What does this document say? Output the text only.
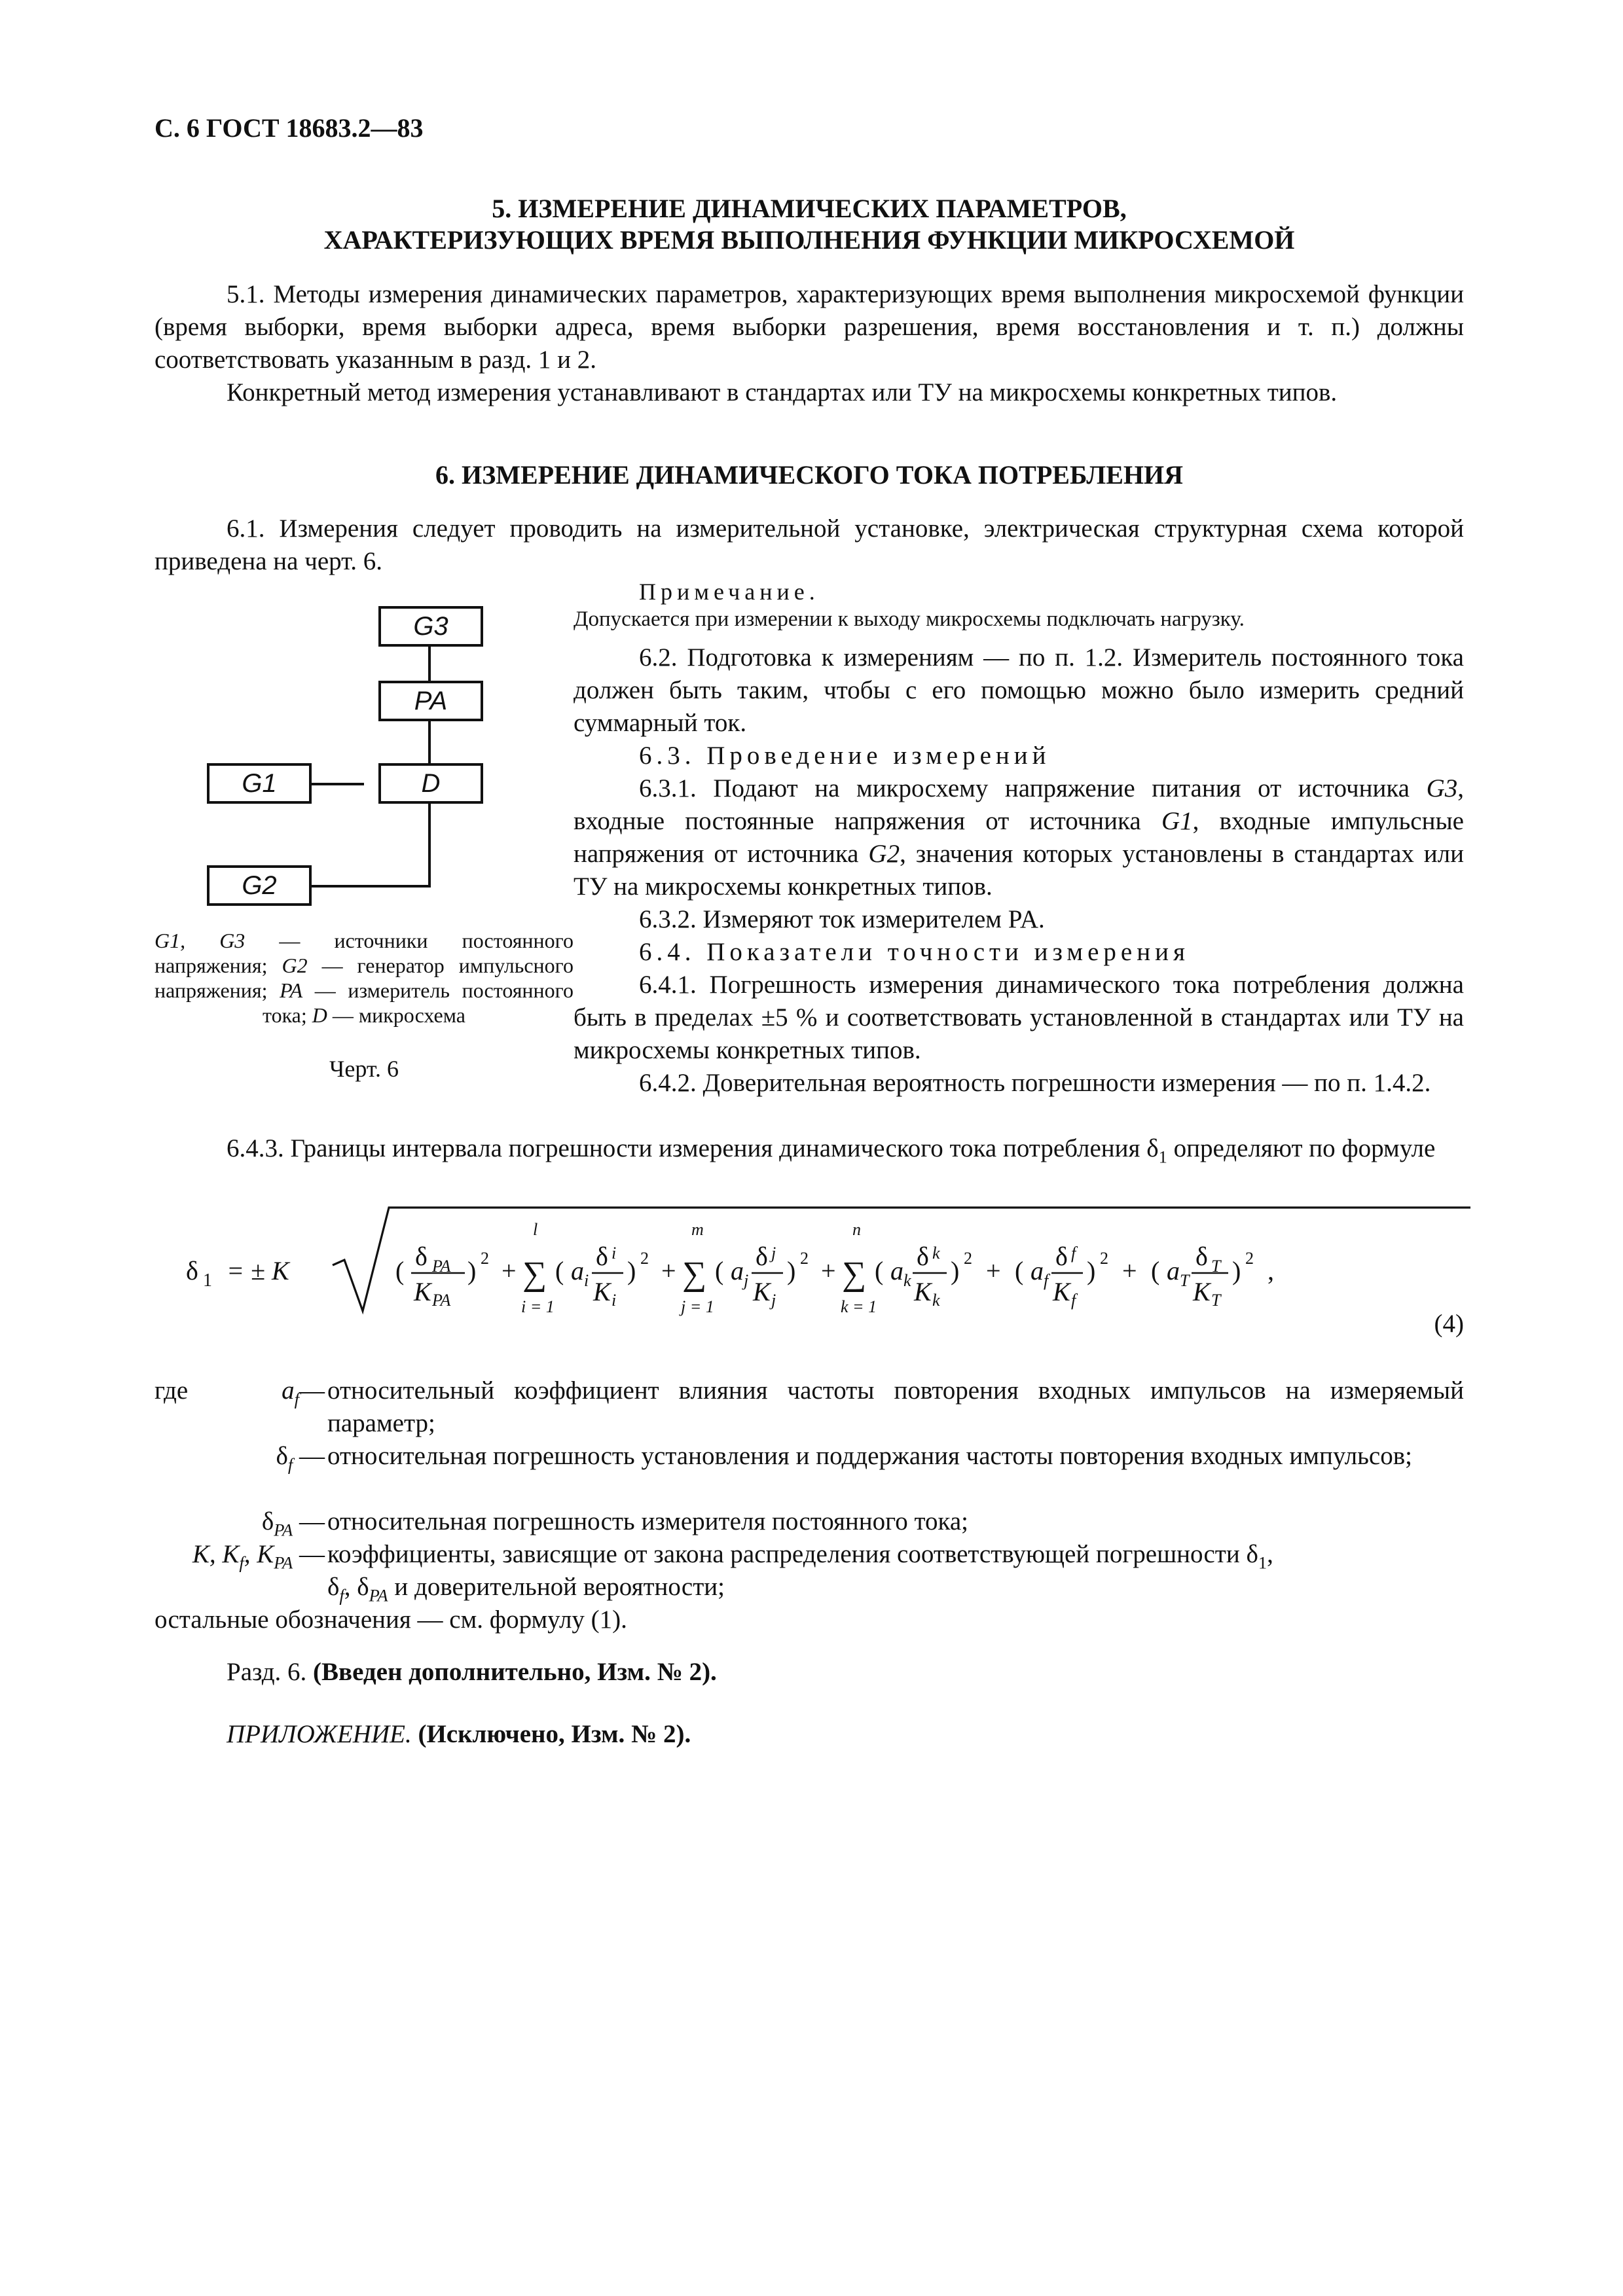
С. 6 ГОСТ 18683.2—83
5. ИЗМЕРЕНИЕ ДИНАМИЧЕСКИХ ПАРАМЕТРОВ,
ХАРАКТЕРИЗУЮЩИХ ВРЕМЯ ВЫПОЛНЕНИЯ ФУНКЦИИ МИКРОСХЕМОЙ

5.1. Методы измерения динамических параметров, характеризующих время выполнения микросхемой функции (время выборки, время выборки адреса, время выборки разрешения, время восстановления и т. п.) должны соответствовать указанным в разд. 1 и 2.

Конкретный метод измерения устанавливают в стандартах или ТУ на микросхемы конкретных типов.

6. ИЗМЕРЕНИЕ ДИНАМИЧЕСКОГО ТОКА ПОТРЕБЛЕНИЯ

6.1. Измерения следует проводить на измерительной установке, электрическая структурная схема которой приведена на черт. 6.

G3
PA
G1	D
G2
G1, G3 — источники постоянного напряжения; G2 — генератор импульсного напряжения; PA — измеритель постоянного тока; D — микросхема
Черт. 6
Примечание.
Допускается при измерении к выходу микросхемы подключать нагрузку.

6.2. Подготовка к измерениям — по п. 1.2. Измеритель постоянного тока должен быть таким, чтобы с его помощью можно было измерить средний суммарный ток.

6.3. Проведение измерений

6.3.1. Подают на микросхему напряжение питания от источника G3, входные постоянные напряжения от источника G1, входные импульсные напряжения от источника G2, значения которых установлены в стандартах или ТУ на микросхемы конкретных типов.

6.3.2. Измеряют ток измерителем PA.
6.4. Показатели точности измерения

6.4.1. Погрешность измерения динамического тока потребления должна быть в пределах ±5 % и соответствовать установленной в стандартах или ТУ на микросхемы конкретных типов.

6.4.2. Доверительная вероятность погрешности измерения — по п. 1.4.2.

6.4.3. Границы интервала погрешности измерения динамического тока потребления $\delta_1$ определяют по формуле

δ 1 = ± K	( δ PA
K PA
) 2 +
l
∑
i = 1
( a i
δ i
K i
) 2 +
m
∑
j = 1
( a j
δ j
K j
) 2 +
n
∑
k = 1
( a k
δ k
K k
) 2 + ( a f
δ f
K f
) 2 + ( a T
δ T
K T
) 2 ,
(4)
где	$a_f—$ относительный коэффициент влияния частоты повторения входных импульсов на измеряемый параметр;
$\delta_f$ — относительная погрешность установления и поддержания частоты повторения входных импульсов;
$\delta_{PA}$ — относительная погрешность измерителя постоянного тока;
K, $K_f$, $K_{PA}$ — коэффициенты, зависящие от закона распределения соответствующей погрешности $\delta_1$,
$\delta_f$, $\delta_{PA}$ и доверительной вероятности;
остальные обозначения — см. формулу (1).
Разд. 6. (Введен дополнительно, Изм. № 2).
ПРИЛОЖЕНИЕ. (Исключено, Изм. № 2).
